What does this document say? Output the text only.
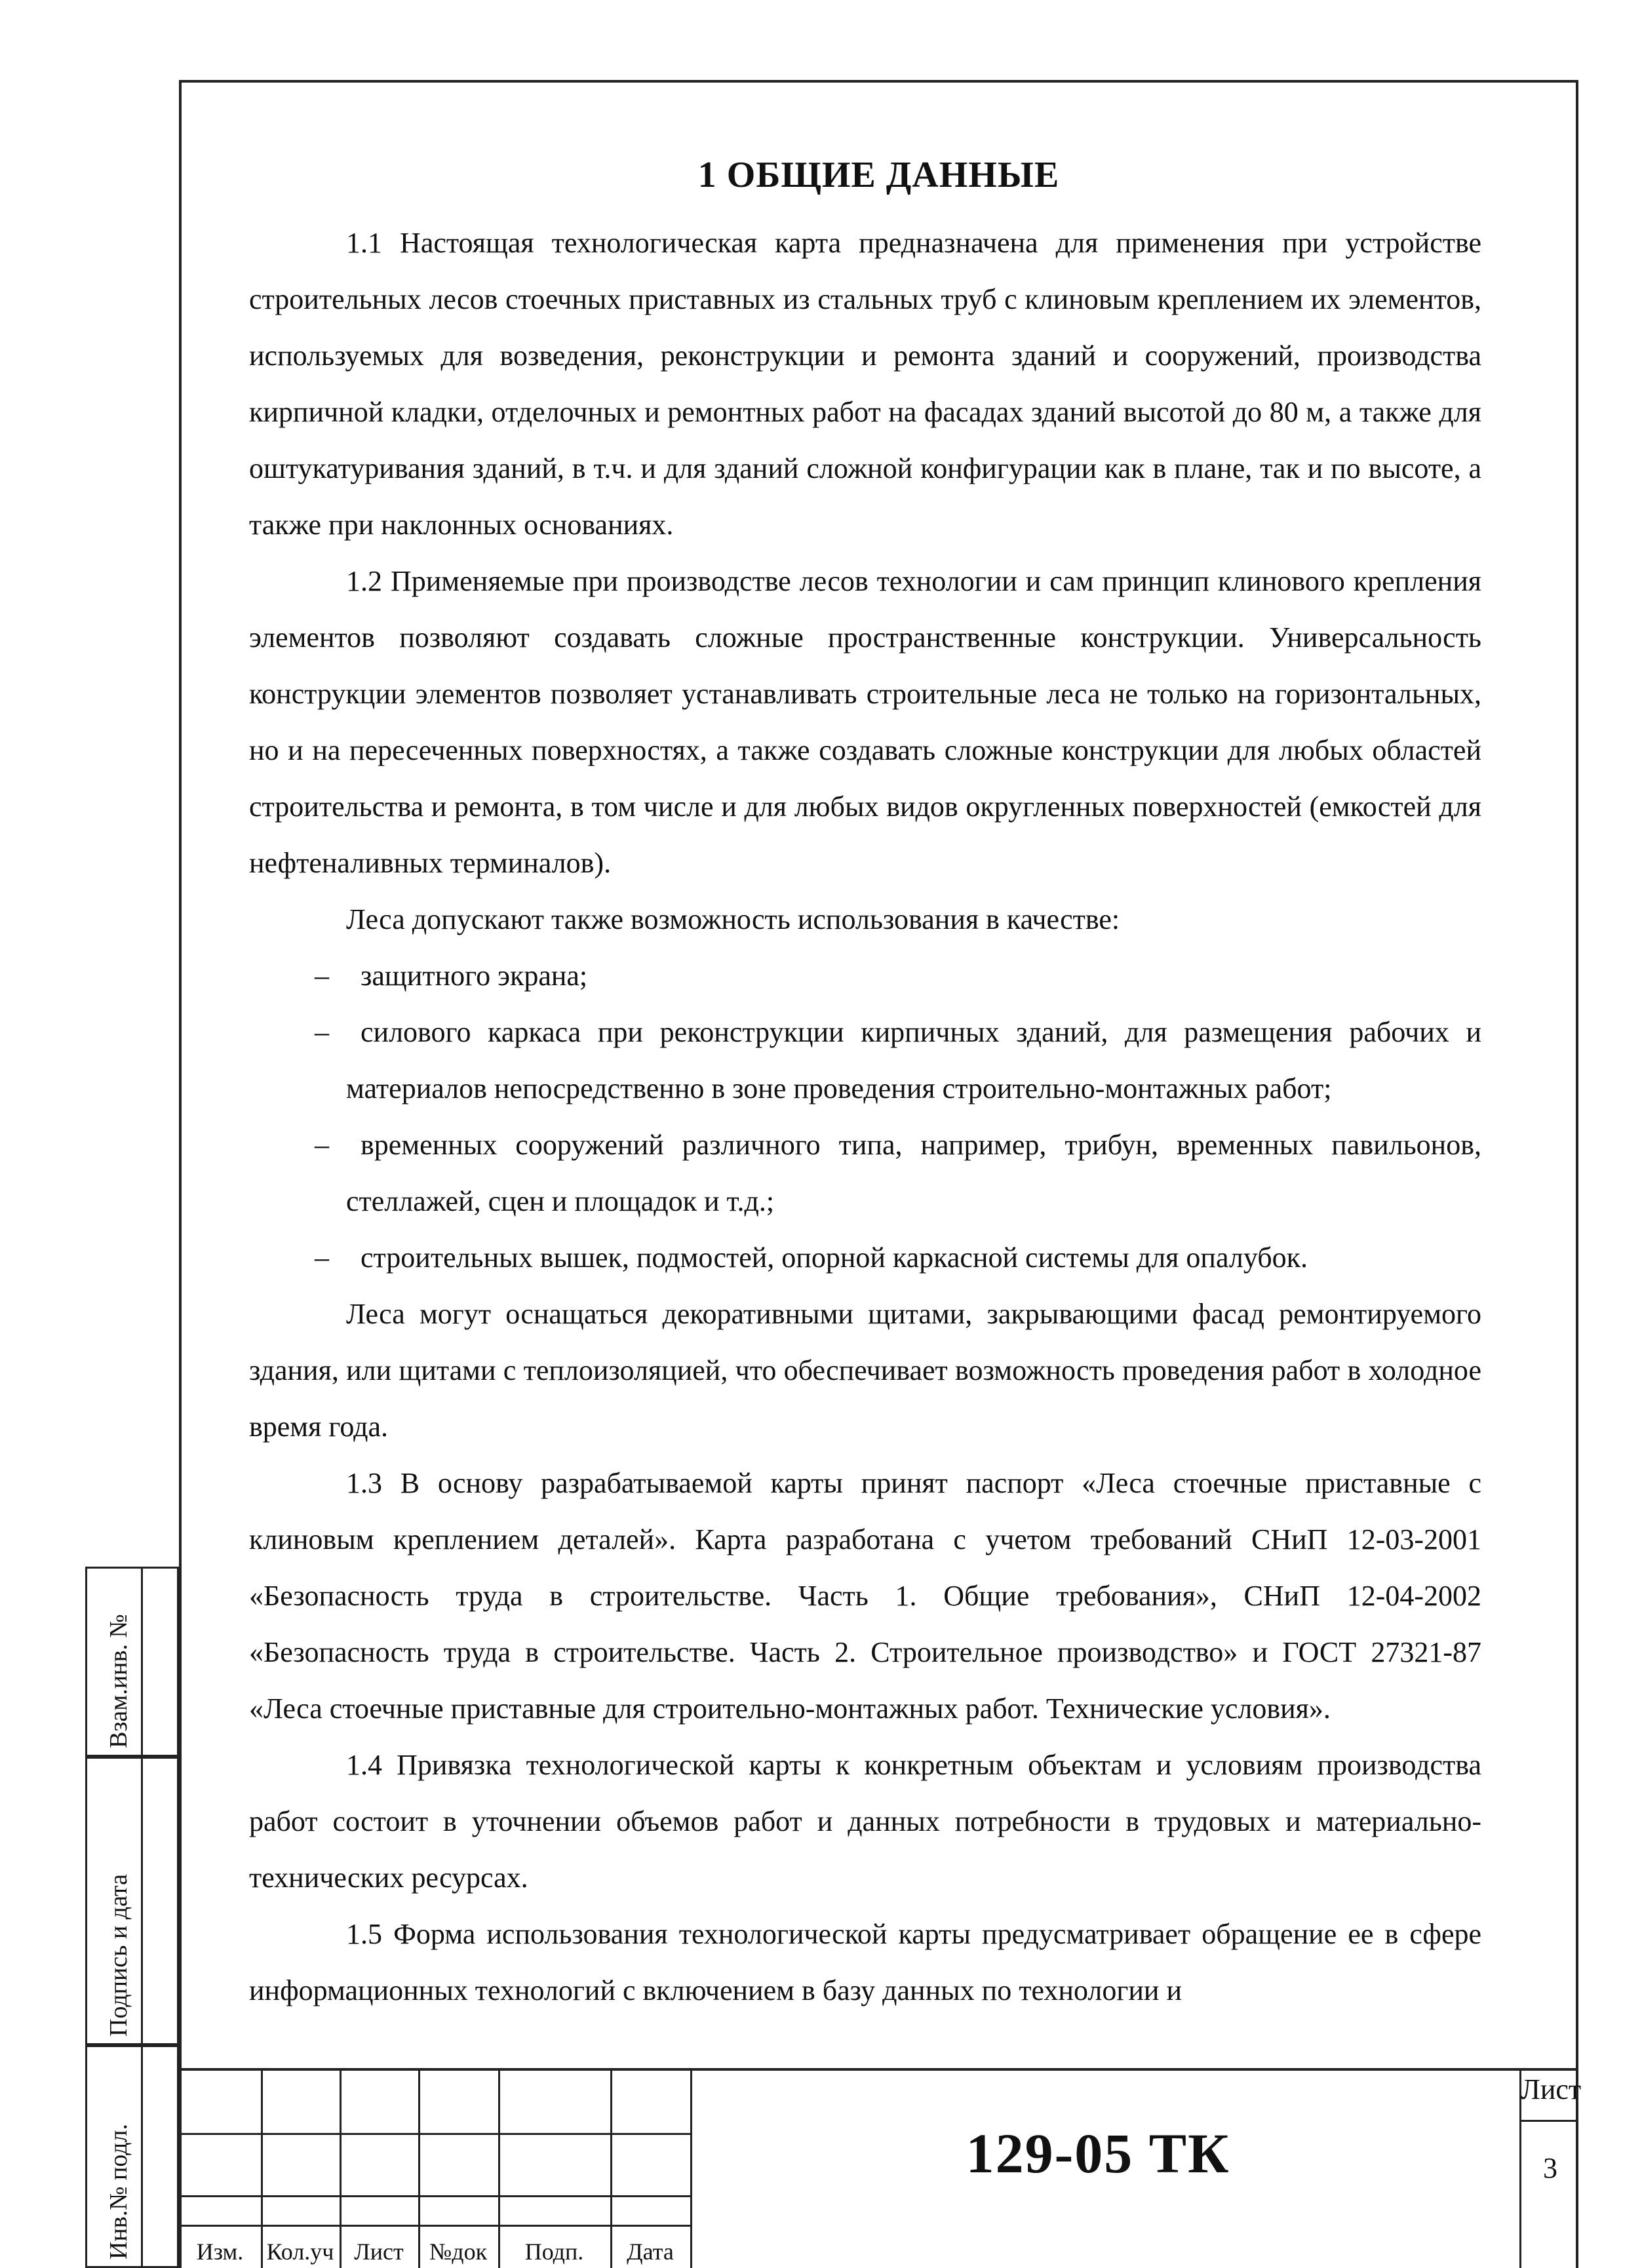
1 ОБЩИЕ ДАННЫЕ

1.1 Настоящая технологическая карта предназначена для применения при устройстве строительных лесов стоечных приставных из стальных труб с клиновым креплением их элементов, используемых для возведения, реконструкции и ремонта зданий и сооружений, производства кирпичной кладки, отделочных и ремонтных работ на фасадах зданий высотой до 80 м, а также для оштукатуривания зданий, в т.ч. и для зданий сложной конфигурации как в плане, так и по высоте, а также при наклонных основаниях.

1.2 Применяемые при производстве лесов технологии и сам принцип клинового крепления элементов позволяют создавать сложные пространственные конструкции. Универсальность конструкции элементов позволяет устанавливать строительные леса не только на горизонтальных, но и на пересеченных поверхностях, а также создавать сложные конструкции для любых областей строительства и ремонта, в том числе и для любых видов округленных поверхностей (емкостей для нефтеналивных терминалов).

Леса допускают также возможность использования в качестве:

– защитного экрана;

– силового каркаса при реконструкции кирпичных зданий, для размещения рабочих и материалов непосредственно в зоне проведения строительно-монтажных работ;

– временных сооружений различного типа, например, трибун, временных павильонов, стеллажей, сцен и площадок и т.д.;

– строительных вышек, подмостей, опорной каркасной системы для опалубок.

Леса могут оснащаться декоративными щитами, закрывающими фасад ремонтируемого здания, или щитами с теплоизоляцией, что обеспечивает возможность проведения работ в холодное время года.

1.3 В основу разрабатываемой карты принят паспорт «Леса стоечные приставные с клиновым креплением деталей». Карта разработана с учетом требований СНиП 12-03-2001 «Безопасность труда в строительстве. Часть 1. Общие требования», СНиП 12-04-2002 «Безопасность труда в строительстве. Часть 2. Строительное производство» и ГОСТ 27321-87 «Леса стоечные приставные для строительно-монтажных работ. Технические условия».

1.4 Привязка технологической карты к конкретным объектам и условиям производства работ состоит в уточнении объемов работ и данных потребности в трудовых и материально-технических ресурсах.

1.5 Форма использования технологической карты предусматривает обращение ее в сфере информационных технологий с включением в базу данных по технологии и

Взам.инв. №
Подпись и дата
Инв.№ подл.	Изм. Кол.уч Лист	№док	Подп.	Дата
129-05 ТК
Лист
3
